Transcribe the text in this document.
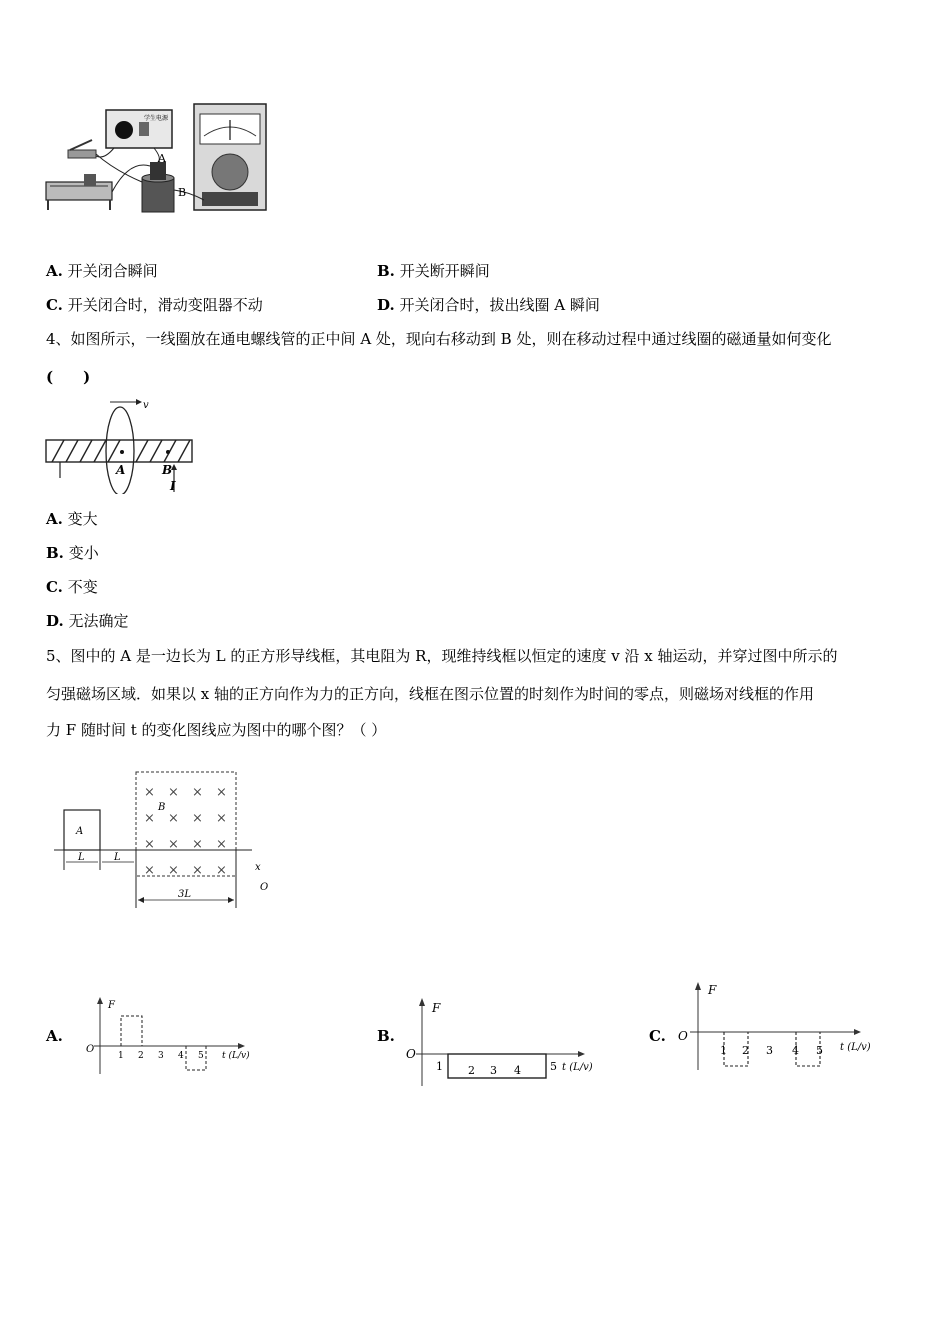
学生电源
A
B
A. 开关闭合瞬间	B. 开关断开瞬间
C. 开关闭合时，滑动变阻器不动	D. 开关闭合时，拔出线圈 A 瞬间
4、如图所示，一线圈放在通电螺线管的正中间 A 处，现向右移动到 B 处，则在移动过程中通过线圈的磁通量如何变化
(　　)
v
A	B
I
A. 变大
B. 变小
C. 不变
D. 无法确定
5、图中的 A 是一边长为 L 的正方形导线框，其电阻为 R，现维持线框以恒定的速度 v 沿 x 轴运动，并穿过图中所示的
匀强磁场区域．如果以 x 轴的正方向作为力的正方向，线框在图示位置的时刻作为时间的零点，则磁场对线框的作用
力 F 随时间 t 的变化图线应为图中的哪个图？（ ）
× × × ×
× × × ×
× × × ×
× × × ×
B
A
x
O
L	L
3L
A.
F
O
t (L/v)
1 2 3 4 5
B.
F
O
t (L/v)
1 2 3 4	5
C.
F
O
t (L/v)
1 2 3 4 5
